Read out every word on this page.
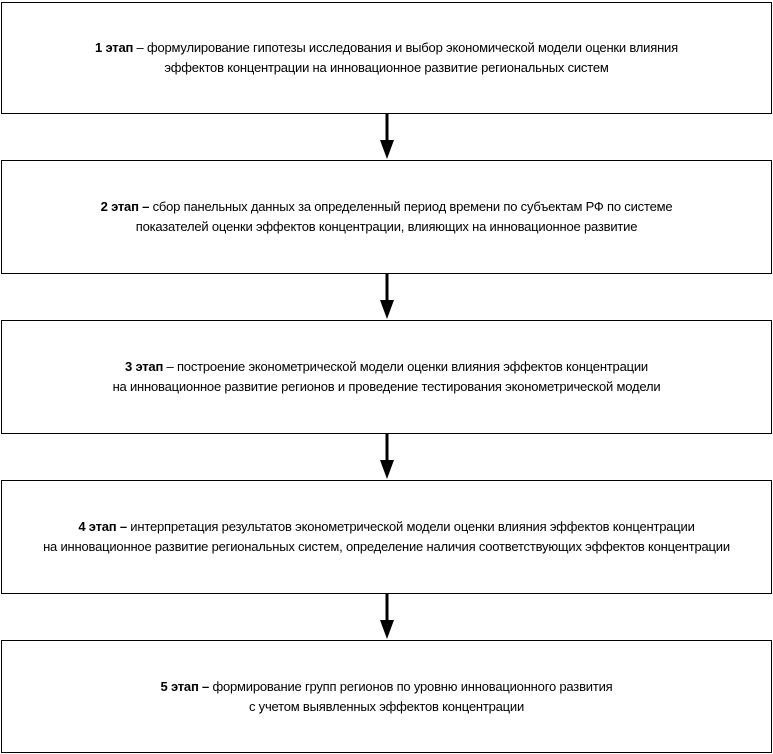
1 этап – формулирование гипотезы исследования и выбор экономической модели оценки влияния
эффектов концентрации на инновационное развитие региональных систем
2 этап – сбор панельных данных за определенный период времени по субъектам РФ по системе
показателей оценки эффектов концентрации, влияющих на инновационное развитие
3 этап – построение эконометрической модели оценки влияния эффектов концентрации
на инновационное развитие регионов и проведение тестирования эконометрической модели
4 этап – интерпретация результатов эконометрической модели оценки влияния эффектов концентрации
на инновационное развитие региональных систем, определение наличия соответствующих эффектов концентрации
5 этап – формирование групп регионов по уровню инновационного развития
с учетом выявленных эффектов концентрации
